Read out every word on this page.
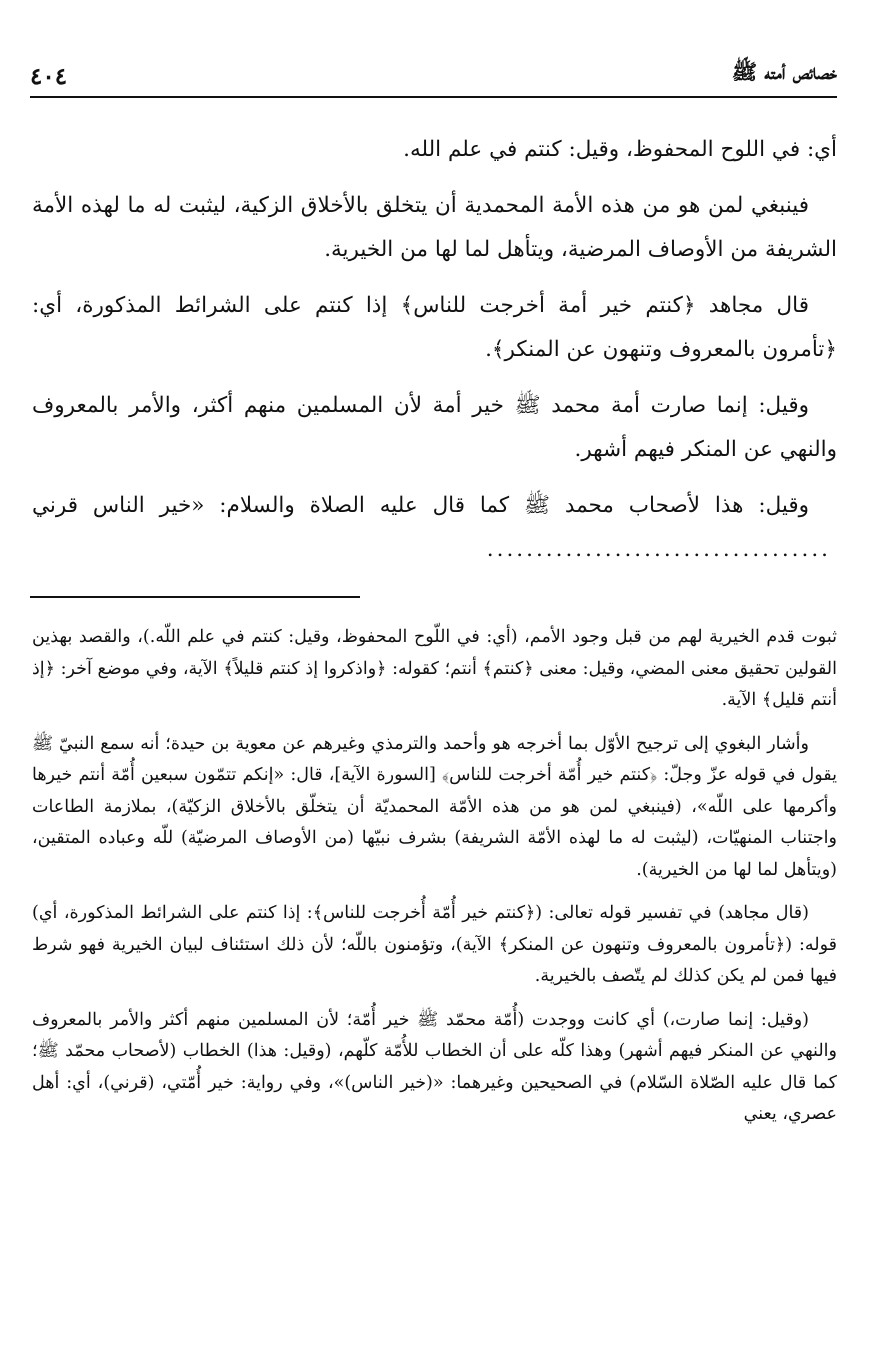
خصائص أمته ﷺ
٤٠٤

أي: في اللوح المحفوظ، وقيل: كنتم في علم الله.

فينبغي لمن هو من هذه الأمة المحمدية أن يتخلق بالأخلاق الزكية، ليثبت له ما لهذه الأمة الشريفة من الأوصاف المرضية، ويتأهل لما لها من الخيرية.

قال مجاهد ﴿كنتم خير أمة أخرجت للناس﴾ إذا كنتم على الشرائط المذكورة، أي: ﴿تأمرون بالمعروف وتنهون عن المنكر﴾.

وقيل: إنما صارت أمة محمد ﷺ خير أمة لأن المسلمين منهم أكثر، والأمر بالمعروف والنهي عن المنكر فيهم أشهر.

وقيل: هذا لأصحاب محمد ﷺ كما قال عليه الصلاة والسلام: «خير الناس قرني...................................

ثبوت قدم الخيرية لهم من قبل وجود الأمم، (أي: في اللّوح المحفوظ، وقيل: كنتم في علم اللّه.)، والقصد بهذين القولين تحقيق معنى المضي، وقيل: معنى ﴿كنتم﴾ أنتم؛ كقوله: ﴿واذكروا إذ كنتم قليلاً﴾ الآية، وفي موضع آخر: ﴿إذ أنتم قليل﴾ الآية.

وأشار البغوي إلى ترجيح الأوّل بما أخرجه هو وأحمد والترمذي وغيرهم عن معوية بن حيدة؛ أنه سمع النبيّ ﷺ يقول في قوله عزّ وجلّ: ﴿كنتم خير أُمّة أخرجت للناس﴾ [السورة الآية]، قال: «إنكم تتمّون سبعين أُمّة أنتم خيرها وأكرمها على اللّه»، (فينبغي لمن هو من هذه الأمّة المحمديّة أن يتخلّق بالأخلاق الزكيّة)، بملازمة الطاعات واجتناب المنهيّات، (ليثبت له ما لهذه الأمّة الشريفة) بشرف نبيّها (من الأوصاف المرضيّة) للّه وعباده المتقين، (ويتأهل لما لها من الخيرية).

(قال مجاهد) في تفسير قوله تعالى: (﴿كنتم خير أُمّة أُخرجت للناس﴾: إذا كنتم على الشرائط المذكورة، أي) قوله: (﴿تأمرون بالمعروف وتنهون عن المنكر﴾ الآية)، وتؤمنون باللّه؛ لأن ذلك استئناف لبيان الخيرية فهو شرط فيها فمن لم يكن كذلك لم يتّصف بالخيرية.

(وقيل: إنما صارت،) أي كانت ووجدت (أُمّة محمّد ﷺ خير أُمّة؛ لأن المسلمين منهم أكثر والأمر بالمعروف والنهي عن المنكر فيهم أشهر) وهذا كلّه على أن الخطاب للأُمّة كلّهم، (وقيل: هذا) الخطاب (لأصحاب محمّد ﷺ؛ كما قال عليه الصّلاة السّلام) في الصحيحين وغيرهما: «(خير الناس)»، وفي رواية: خير أُمّتي، (قرني)، أي: أهل عصري، يعني
